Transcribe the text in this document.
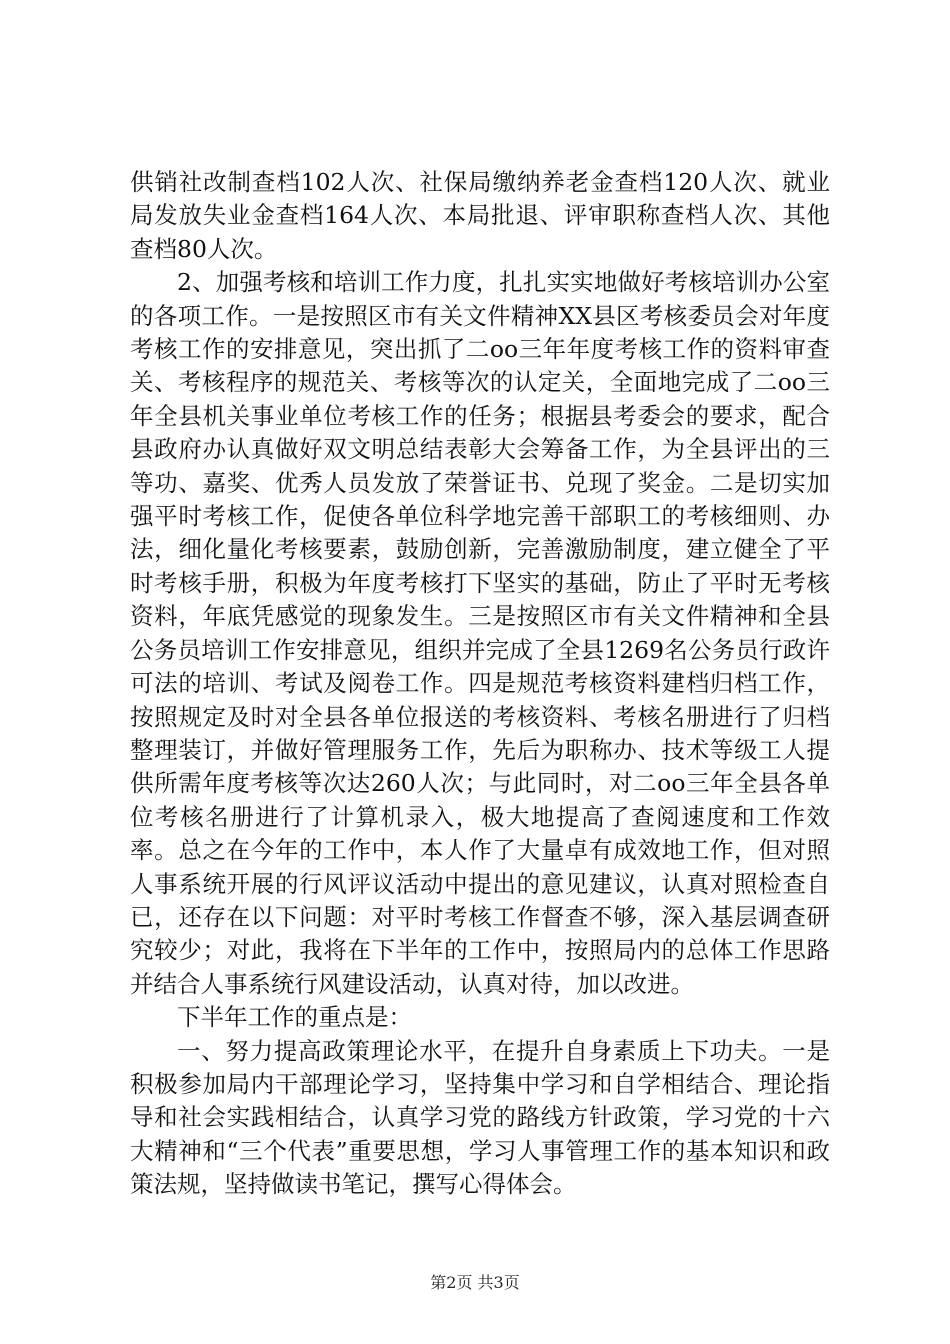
供销社改制查档102人次、社保局缴纳养老金查档120人次、就业局发放失业金查档164人次、本局批退、评审职称查档人次、其他查档80人次。

2、加强考核和培训工作力度，扎扎实实地做好考核培训办公室的各项工作。一是按照区市有关文件精神XX县区考核委员会对年度考核工作的安排意见，突出抓了二oo三年年度考核工作的资料审查关、考核程序的规范关、考核等次的认定关，全面地完成了二oo三年全县机关事业单位考核工作的任务；根据县考委会的要求，配合县政府办认真做好双文明总结表彰大会筹备工作，为全县评出的三等功、嘉奖、优秀人员发放了荣誉证书、兑现了奖金。二是切实加强平时考核工作，促使各单位科学地完善干部职工的考核细则、办法，细化量化考核要素，鼓励创新，完善激励制度，建立健全了平时考核手册，积极为年度考核打下坚实的基础，防止了平时无考核资料，年底凭感觉的现象发生。三是按照区市有关文件精神和全县公务员培训工作安排意见，组织并完成了全县1269名公务员行政许可法的培训、考试及阅卷工作。四是规范考核资料建档归档工作，按照规定及时对全县各单位报送的考核资料、考核名册进行了归档整理装订，并做好管理服务工作，先后为职称办、技术等级工人提供所需年度考核等次达260人次；与此同时，对二oo三年全县各单位考核名册进行了计算机录入，极大地提高了查阅速度和工作效率。总之在今年的工作中，本人作了大量卓有成效地工作，但对照人事系统开展的行风评议活动中提出的意见建议，认真对照检查自已，还存在以下问题：对平时考核工作督查不够，深入基层调查研究较少；对此，我将在下半年的工作中，按照局内的总体工作思路并结合人事系统行风建设活动，认真对待，加以改进。

下半年工作的重点是：

一、努力提高政策理论水平，在提升自身素质上下功夫。一是积极参加局内干部理论学习，坚持集中学习和自学相结合、理论指导和社会实践相结合，认真学习党的路线方针政策，学习党的十六大精神和“三个代表”重要思想，学习人事管理工作的基本知识和政策法规，坚持做读书笔记，撰写心得体会。

第2页 共3页
